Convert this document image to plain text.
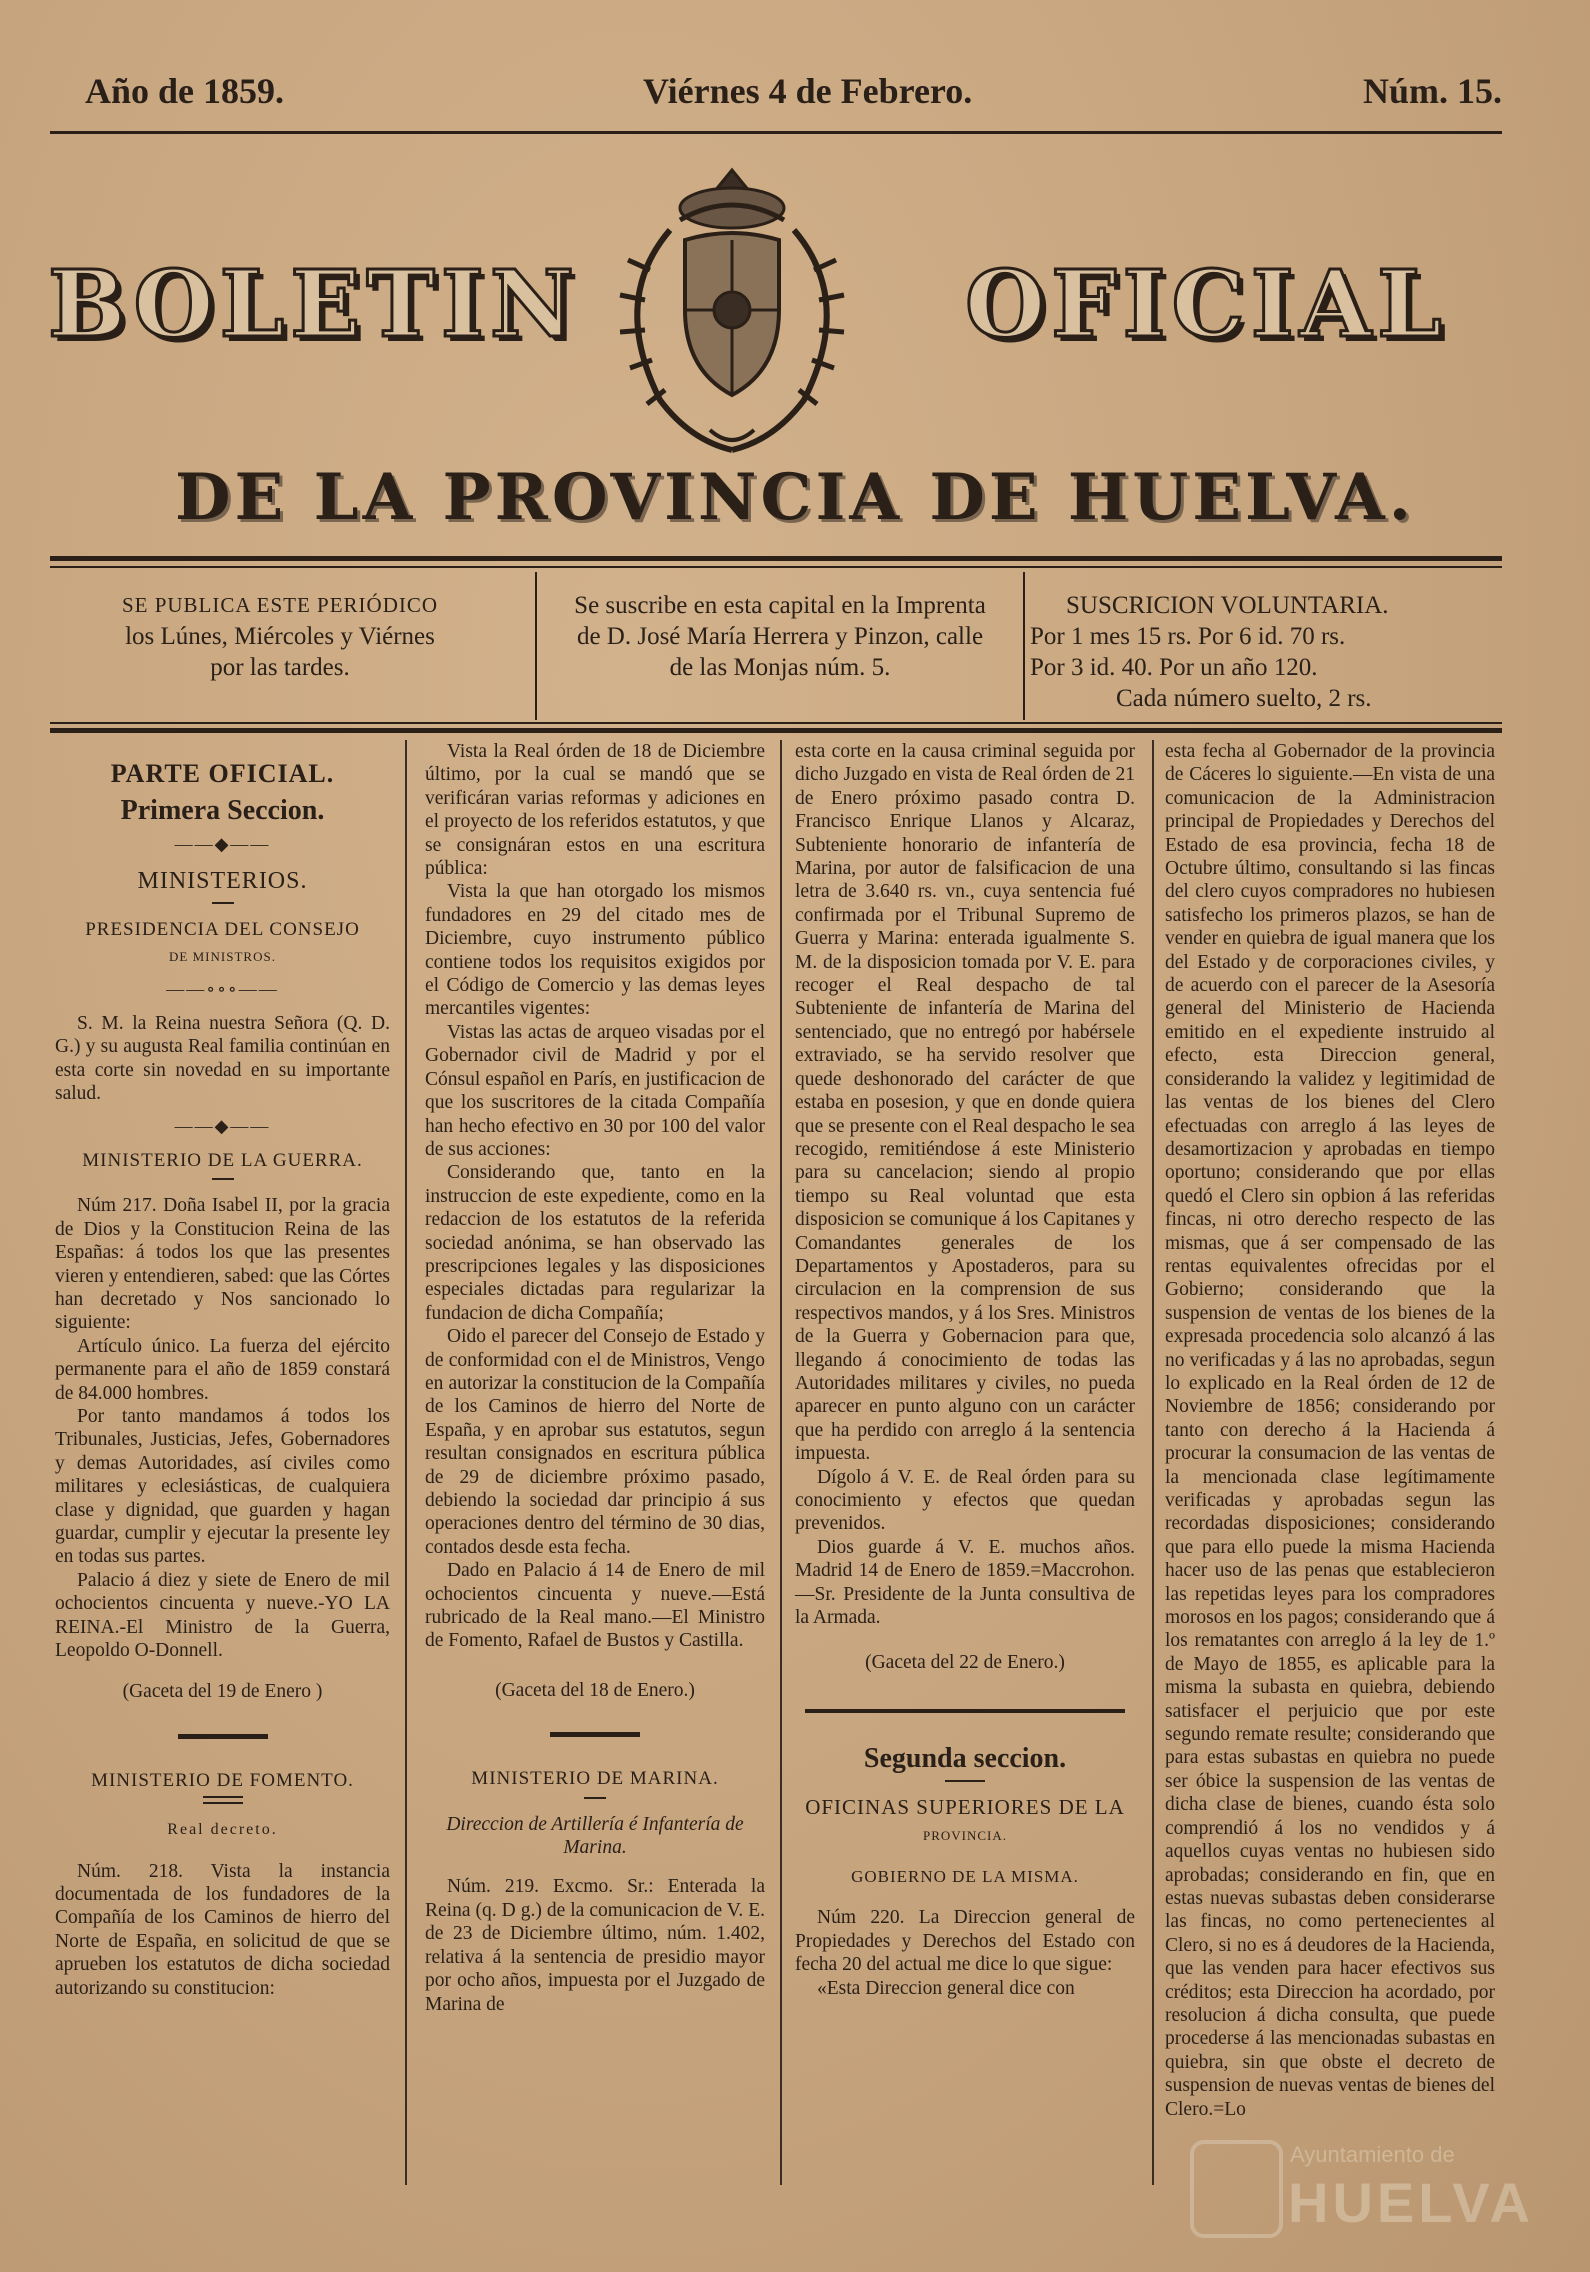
Año de 1859.	Viérnes 4 de Febrero.	Núm. 15.
BOLETIN	OFICIAL
DE LA PROVINCIA DE HUELVA.
SE PUBLICA ESTE PERIÓDICO
los Lúnes, Miércoles y Viérnes
por las tardes.
Se suscribe en esta capital en la Imprenta
de D. José María Herrera y Pinzon, calle
de las Monjas núm. 5.
SUSCRICION VOLUNTARIA.
Por 1 mes 15 rs. Por 6 id. 70 rs.
Por 3 id. 40. Por un año 120.
Cada número suelto, 2 rs.
PARTE OFICIAL.
Primera Seccion.
——◆——
MINISTERIOS.
PRESIDENCIA DEL CONSEJO
DE MINISTROS.
——∘∘∘——

S. M. la Reina nuestra Señora (Q. D. G.) y su augusta Real familia continúan en esta corte sin novedad en su importante salud.

——◆——
MINISTERIO DE LA GUERRA.

Núm 217. Doña Isabel II, por la gracia de Dios y la Constitucion Reina de las Españas: á todos los que las presentes vieren y entendieren, sabed: que las Córtes han decretado y Nos sancionado lo siguiente:

Artículo único. La fuerza del ejército permanente para el año de 1859 constará de 84.000 hombres.

Por tanto mandamos á todos los Tribunales, Justicias, Jefes, Gobernadores y demas Autoridades, así civiles como militares y eclesiásticas, de cualquiera clase y dignidad, que guarden y hagan guardar, cumplir y ejecutar la presente ley en todas sus partes.

Palacio á diez y siete de Enero de mil ochocientos cincuenta y nueve.-YO LA REINA.-El Ministro de la Guerra, Leopoldo O-Donnell.

(Gaceta del 19 de Enero )
MINISTERIO DE FOMENTO.
Real decreto.

Núm. 218. Vista la instancia documentada de los fundadores de la Compañía de los Caminos de hierro del Norte de España, en solicitud de que se aprueben los estatutos de dicha sociedad autorizando su constitucion:

Vista la Real órden de 18 de Diciembre último, por la cual se mandó que se verificáran varias reformas y adiciones en el proyecto de los referidos estatutos, y que se consignáran estos en una escritura pública:

Vista la que han otorgado los mismos fundadores en 29 del citado mes de Diciembre, cuyo instrumento público contiene todos los requisitos exigidos por el Código de Comercio y las demas leyes mercantiles vigentes:

Vistas las actas de arqueo visadas por el Gobernador civil de Madrid y por el Cónsul español en París, en justificacion de que los suscritores de la citada Compañía han hecho efectivo en 30 por 100 del valor de sus acciones:

Considerando que, tanto en la instruccion de este expediente, como en la redaccion de los estatutos de la referida sociedad anónima, se han observado las prescripciones legales y las disposiciones especiales dictadas para regularizar la fundacion de dicha Compañía;

Oido el parecer del Consejo de Estado y de conformidad con el de Ministros, Vengo en autorizar la constitucion de la Compañía de los Caminos de hierro del Norte de España, y en aprobar sus estatutos, segun resultan consignados en escritura pública de 29 de diciembre próximo pasado, debiendo la sociedad dar principio á sus operaciones dentro del término de 30 dias, contados desde esta fecha.

Dado en Palacio á 14 de Enero de mil ochocientos cincuenta y nueve.—Está rubricado de la Real mano.—El Ministro de Fomento, Rafael de Bustos y Castilla.

(Gaceta del 18 de Enero.)
MINISTERIO DE MARINA.
Direccion de Artillería é Infantería de Marina.

Núm. 219. Excmo. Sr.: Enterada la Reina (q. D g.) de la comunicacion de V. E. de 23 de Diciembre último, núm. 1.402, relativa á la sentencia de presidio mayor por ocho años, impuesta por el Juzgado de Marina de

esta corte en la causa criminal seguida por dicho Juzgado en vista de Real órden de 21 de Enero próximo pasado contra D. Francisco Enrique Llanos y Alcaraz, Subteniente honorario de infantería de Marina, por autor de falsificacion de una letra de 3.640 rs. vn., cuya sentencia fué confirmada por el Tribunal Supremo de Guerra y Marina: enterada igualmente S. M. de la disposicion tomada por V. E. para recoger el Real despacho de tal Subteniente de infantería de Marina del sentenciado, que no entregó por habérsele extraviado, se ha servido resolver que quede deshonorado del carácter de que estaba en posesion, y que en donde quiera que se presente con el Real despacho le sea recogido, remitiéndose á este Ministerio para su cancelacion; siendo al propio tiempo su Real voluntad que esta disposicion se comunique á los Capitanes y Comandantes generales de los Departamentos y Apostaderos, para su circulacion en la comprension de sus respectivos mandos, y á los Sres. Ministros de la Guerra y Gobernacion para que, llegando á conocimiento de todas las Autoridades militares y civiles, no pueda aparecer en punto alguno con un carácter que ha perdido con arreglo á la sentencia impuesta.

Dígolo á V. E. de Real órden para su conocimiento y efectos que quedan prevenidos.

Dios guarde á V. E. muchos años. Madrid 14 de Enero de 1859.=Maccrohon.—Sr. Presidente de la Junta consultiva de la Armada.

(Gaceta del 22 de Enero.)
Segunda seccion.
OFICINAS SUPERIORES DE LA
PROVINCIA.
GOBIERNO DE LA MISMA.

Núm 220. La Direccion general de Propiedades y Derechos del Estado con fecha 20 del actual me dice lo que sigue:

«Esta Direccion general dice con

esta fecha al Gobernador de la provincia de Cáceres lo siguiente.—En vista de una comunicacion de la Administracion principal de Propiedades y Derechos del Estado de esa provincia, fecha 18 de Octubre último, consultando si las fincas del clero cuyos compradores no hubiesen satisfecho los primeros plazos, se han de vender en quiebra de igual manera que los del Estado y de corporaciones civiles, y de acuerdo con el parecer de la Asesoría general del Ministerio de Hacienda emitido en el expediente instruido al efecto, esta Direccion general, considerando la validez y legitimidad de las ventas de los bienes del Clero efectuadas con arreglo á las leyes de desamortizacion y aprobadas en tiempo oportuno; considerando que por ellas quedó el Clero sin opbion á las referidas fincas, ni otro derecho respecto de las mismas, que á ser compensado de las rentas equivalentes ofrecidas por el Gobierno; considerando que la suspension de ventas de los bienes de la expresada procedencia solo alcanzó á las no verificadas y á las no aprobadas, segun lo explicado en la Real órden de 12 de Noviembre de 1856; considerando por tanto con derecho á la Hacienda á procurar la consumacion de las ventas de la mencionada clase legítimamente verificadas y aprobadas segun las recordadas disposiciones; considerando que para ello puede la misma Hacienda hacer uso de las penas que establecieron las repetidas leyes para los compradores morosos en los pagos; considerando que á los rematantes con arreglo á la ley de 1.º de Mayo de 1855, es aplicable para la misma la subasta en quiebra, debiendo satisfacer el perjuicio que por este segundo remate resulte; considerando que para estas subastas en quiebra no puede ser óbice la suspension de las ventas de dicha clase de bienes, cuando ésta solo comprendió á los no vendidos y á aquellos cuyas ventas no hubiesen sido aprobadas; considerando en fin, que en estas nuevas subastas deben considerarse las fincas, no como pertenecientes al Clero, si no es á deudores de la Hacienda, que las venden para hacer efectivos sus créditos; esta Direccion ha acordado, por resolucion á dicha consulta, que puede procederse á las mencionadas subastas en quiebra, sin que obste el decreto de suspension de nuevas ventas de bienes del Clero.=Lo

Ayuntamiento de
HUELVA
